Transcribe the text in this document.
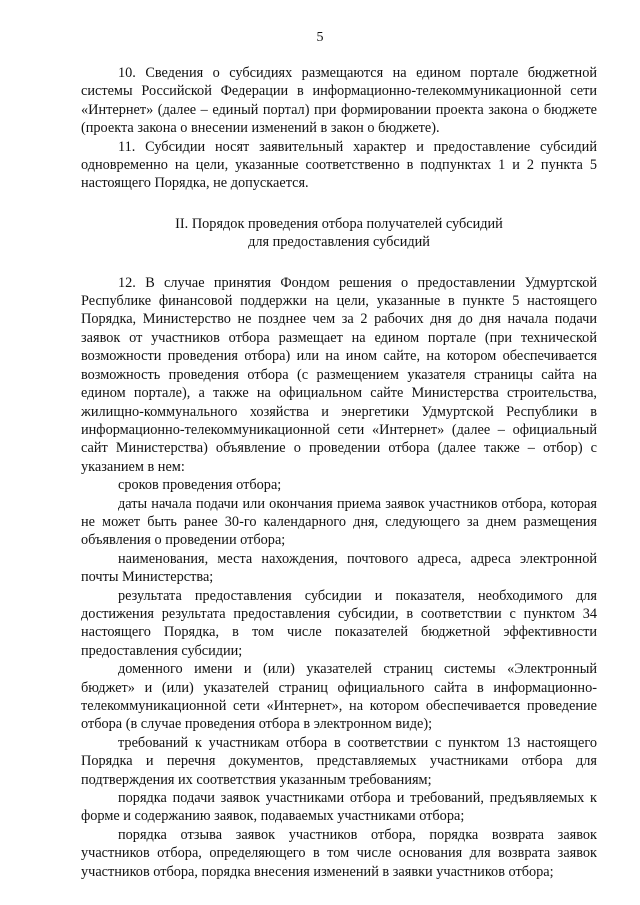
5

10. Сведения о субсидиях размещаются на едином портале бюджетной системы Российской Федерации в информационно-телекоммуникационной сети «Интернет» (далее – единый портал) при формировании проекта закона о бюджете (проекта закона о внесении изменений в закон о бюджете).

11. Субсидии носят заявительный характер и предоставление субсидий одновременно на цели, указанные соответственно в подпунктах 1 и 2 пункта 5 настоящего Порядка, не допускается.

II. Порядок проведения отбора получателей субсидий
для предоставления субсидий

12. В случае принятия Фондом решения о предоставлении Удмуртской Республике финансовой поддержки на цели, указанные в пункте 5 настоящего Порядка, Министерство не позднее чем за 2 рабочих дня до дня начала подачи заявок от участников отбора размещает на едином портале (при технической возможности проведения отбора) или на ином сайте, на котором обеспечивается возможность проведения отбора (с размещением указателя страницы сайта на едином портале), а также на официальном сайте Министерства строительства, жилищно-коммунального хозяйства и энергетики Удмуртской Республики в информационно-телекоммуникационной сети «Интернет» (далее – официальный сайт Министерства) объявление о проведении отбора (далее также – отбор) с указанием в нем:

сроков проведения отбора;

даты начала подачи или окончания приема заявок участников отбора, которая не может быть ранее 30-го календарного дня, следующего за днем размещения объявления о проведении отбора;

наименования, места нахождения, почтового адреса, адреса электронной почты Министерства;

результата предоставления субсидии и показателя, необходимого для достижения результата предоставления субсидии, в соответствии с пунктом 34 настоящего Порядка, в том числе показателей бюджетной эффективности предоставления субсидии;

доменного имени и (или) указателей страниц системы «Электронный бюджет» и (или) указателей страниц официального сайта в информационно-телекоммуникационной сети «Интернет», на котором обеспечивается проведение отбора (в случае проведения отбора в электронном виде);

требований к участникам отбора в соответствии с пунктом 13 настоящего Порядка и перечня документов, представляемых участниками отбора для подтверждения их соответствия указанным требованиям;

порядка подачи заявок участниками отбора и требований, предъявляемых к форме и содержанию заявок, подаваемых участниками отбора;

порядка отзыва заявок участников отбора, порядка возврата заявок участников отбора, определяющего в том числе основания для возврата заявок участников отбора, порядка внесения изменений в заявки участников отбора;
